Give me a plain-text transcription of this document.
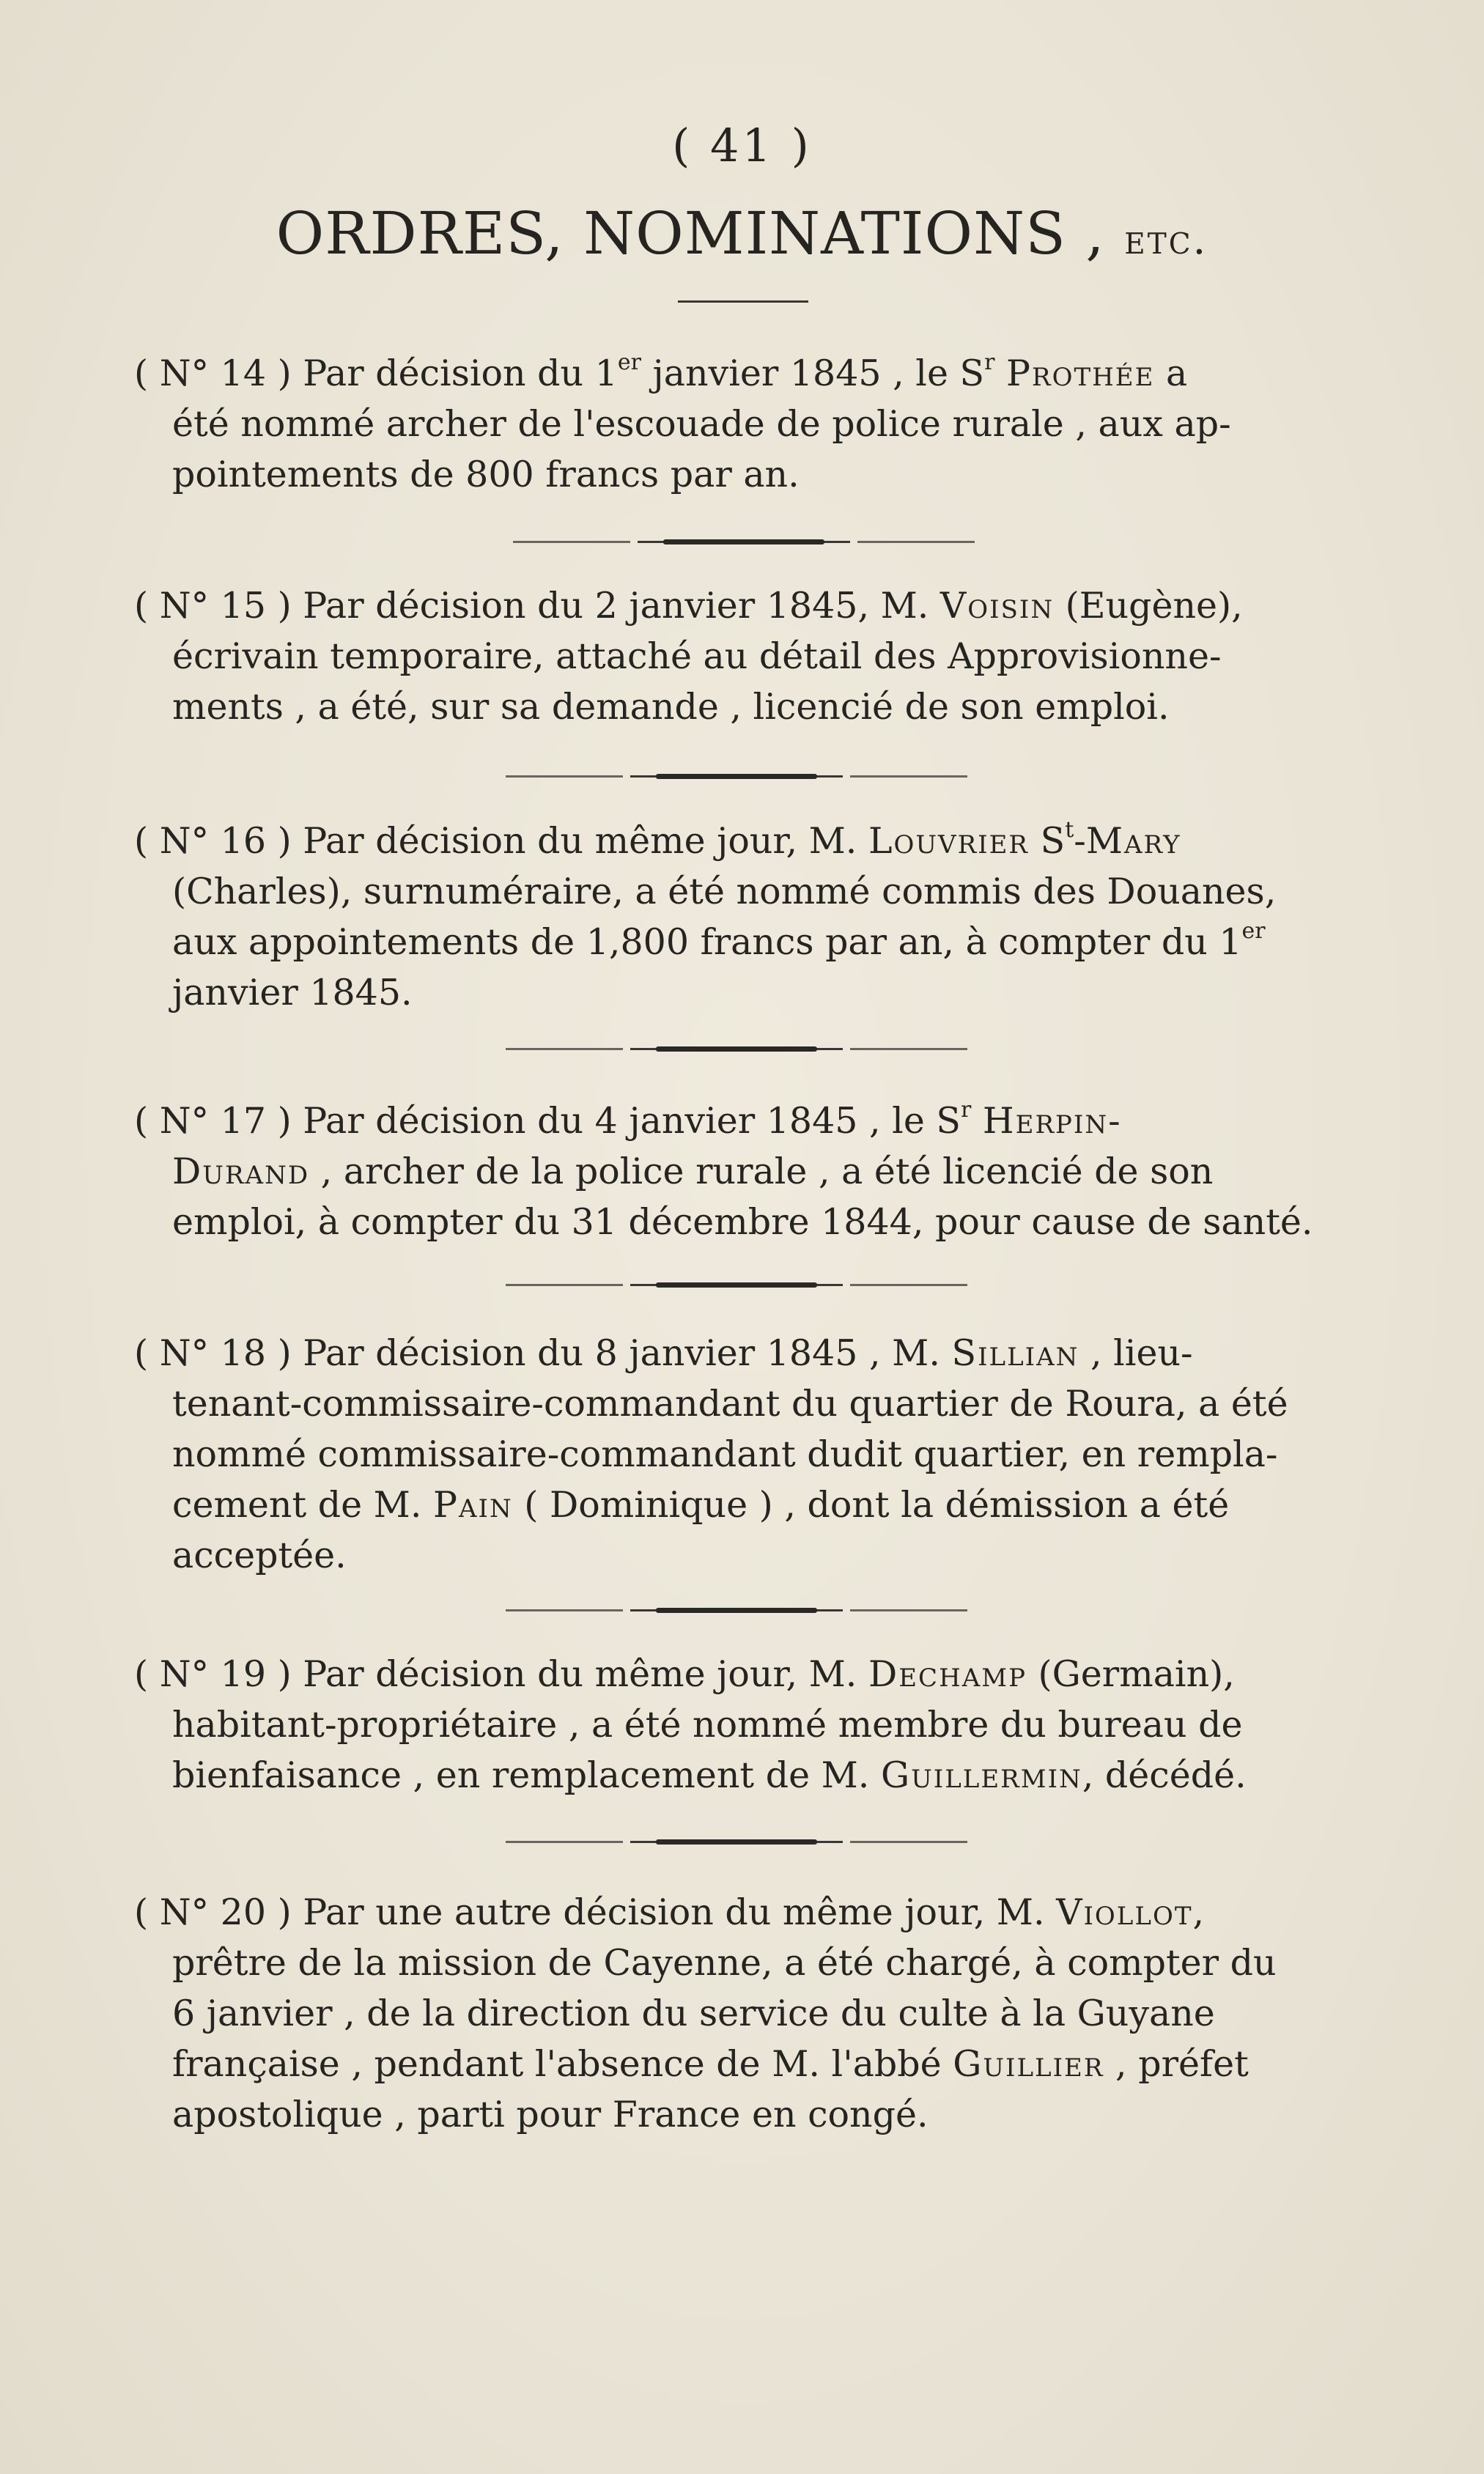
( 41 )
ORDRES, NOMINATIONS , etc.
( N° 14 ) Par décision du 1er janvier 1845 , le $S^r$ Prothée a
été nommé archer de l'escouade de police rurale , aux ap-
pointements de 800 francs par an.
( N° 15 ) Par décision du 2 janvier 1845, M. Voisin (Eugène),
écrivain temporaire, attaché au détail des Approvisionne-
ments , a été, sur sa demande , licencié de son emploi.
( N° 16 ) Par décision du même jour, M. Louvrier $S^t$-Mary
(Charles), surnuméraire, a été nommé commis des Douanes,
aux appointements de 1,800 francs par an, à compter du 1er
janvier 1845.
( N° 17 ) Par décision du 4 janvier 1845 , le $S^r$ Herpin-
Durand , archer de la police rurale , a été licencié de son
emploi, à compter du 31 décembre 1844, pour cause de santé.
( N° 18 ) Par décision du 8 janvier 1845 , M. Sillian , lieu-
tenant-commissaire-commandant du quartier de Roura, a été
nommé commissaire-commandant dudit quartier, en rempla-
cement de M. Pain ( Dominique ) , dont la démission a été
acceptée.
( N° 19 ) Par décision du même jour, M. Dechamp (Germain),
habitant-propriétaire , a été nommé membre du bureau de
bienfaisance , en remplacement de M. Guillermin, décédé.
( N° 20 ) Par une autre décision du même jour, M. Viollot,
prêtre de la mission de Cayenne, a été chargé, à compter du
6 janvier , de la direction du service du culte à la Guyane
française , pendant l'absence de M. l'abbé Guillier , préfet
apostolique , parti pour France en congé.
